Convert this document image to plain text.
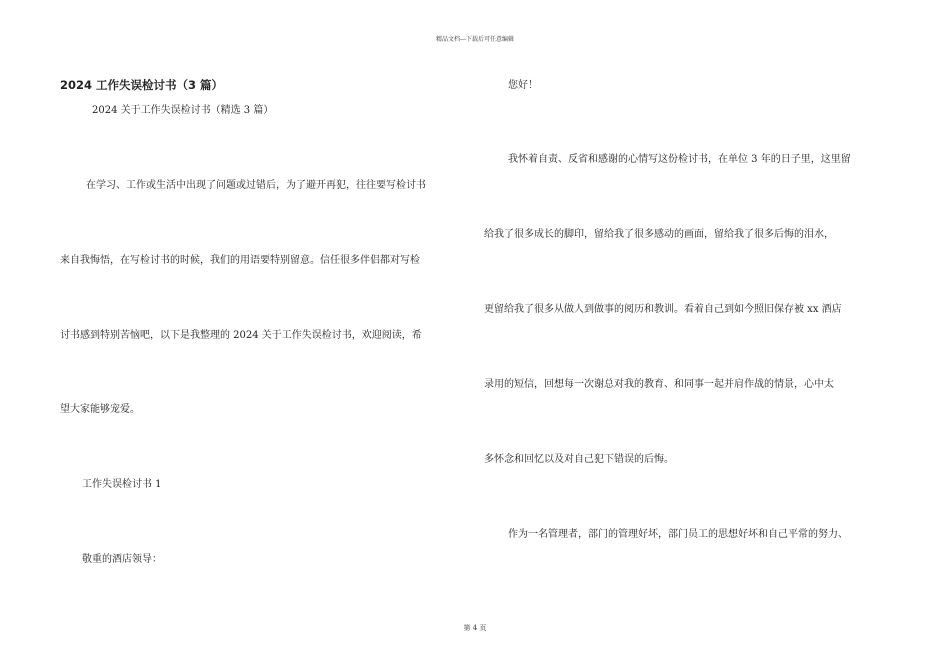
精品文档---下载后可任意编辑
2024 工作失误检讨书（3 篇）
2024 关于工作失误检讨书（精选 3 篇）
在学习、工作或生活中出现了问题或过错后，为了避开再犯，往往要写检讨书
来自我悔悟，在写检讨书的时候，我们的用语要特别留意。信任很多伴侣都对写检
讨书感到特别苦恼吧，以下是我整理的 2024 关于工作失误检讨书，欢迎阅读，希
望大家能够宠爱。
工作失误检讨书 1
敬重的酒店领导：
您好！
我怀着自责、反省和感谢的心情写这份检讨书，在单位 3 年的日子里，这里留
给我了很多成长的脚印，留给我了很多感动的画面，留给我了很多后悔的泪水，
更留给我了很多从做人到做事的阅历和教训。看着自己到如今照旧保存被 xx 酒店
录用的短信，回想每一次谢总对我的教育、和同事一起并肩作战的情景，心中太
多怀念和回忆以及对自己犯下错误的后悔。
作为一名管理者，部门的管理好坏，部门员工的思想好坏和自己平常的努力、
第 4 页
